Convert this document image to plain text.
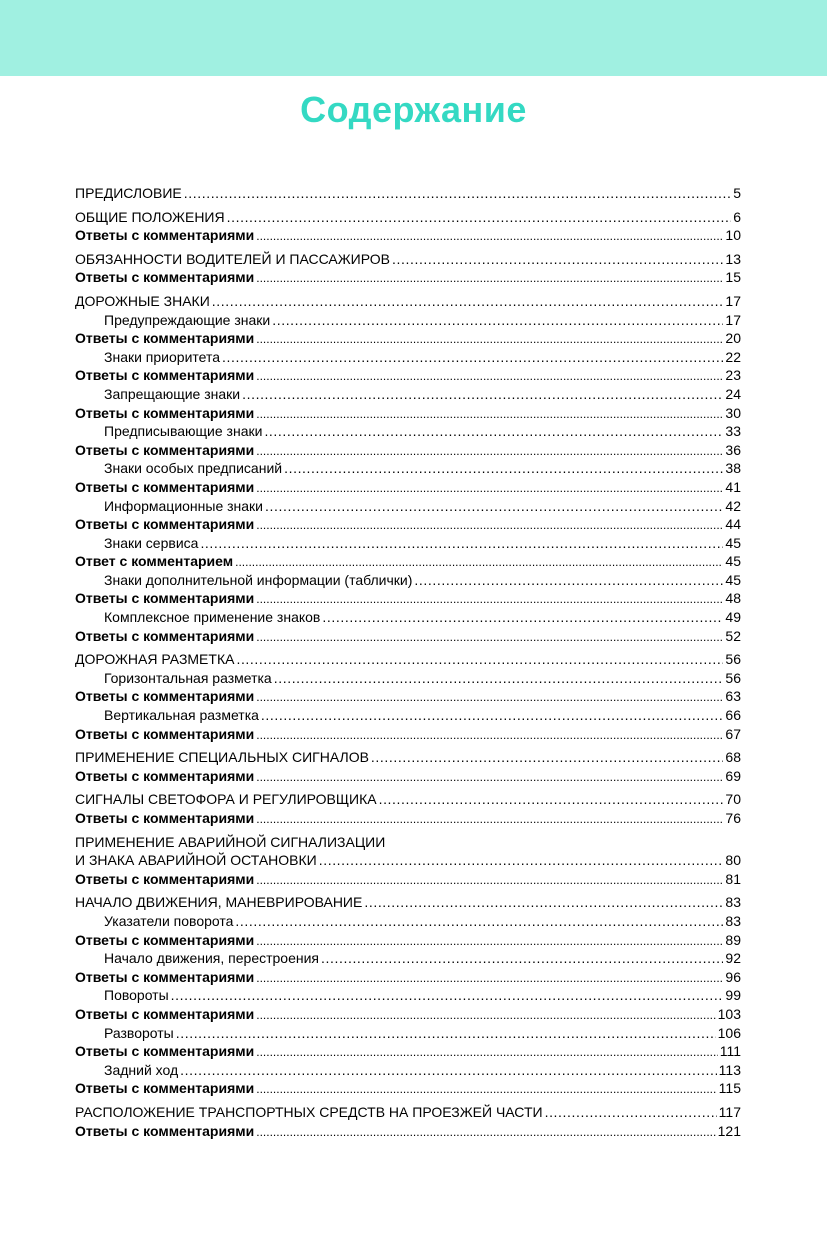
Содержание
ПРЕДИСЛОВИЕ .....	5
ОБЩИЕ ПОЛОЖЕНИЯ .....	6
Ответы с комментариями .....	10
ОБЯЗАННОСТИ ВОДИТЕЛЕЙ И ПАССАЖИРОВ .....	13
Ответы с комментариями .....	15
ДОРОЖНЫЕ ЗНАКИ .....	17
Предупреждающие знаки .....	17
Ответы с комментариями .....	20
Знаки приоритета .....	22
Ответы с комментариями .....	23
Запрещающие знаки .....	24
Ответы с комментариями .....	30
Предписывающие знаки .....	33
Ответы с комментариями .....	36
Знаки особых предписаний .....	38
Ответы с комментариями .....	41
Информационные знаки .....	42
Ответы с комментариями .....	44
Знаки сервиса .....	45
Ответ с комментарием .....	45
Знаки дополнительной информации (таблички) .....	45
Ответы с комментариями .....	48
Комплексное применение знаков .....	49
Ответы с комментариями .....	52
ДОРОЖНАЯ РАЗМЕТКА .....	56
Горизонтальная разметка .....	56
Ответы с комментариями .....	63
Вертикальная разметка .....	66
Ответы с комментариями .....	67
ПРИМЕНЕНИЕ СПЕЦИАЛЬНЫХ СИГНАЛОВ .....	68
Ответы с комментариями .....	69
СИГНАЛЫ СВЕТОФОРА И РЕГУЛИРОВЩИКА .....	70
Ответы с комментариями .....	76
ПРИМЕНЕНИЕ АВАРИЙНОЙ СИГНАЛИЗАЦИИ
И ЗНАКА АВАРИЙНОЙ ОСТАНОВКИ .....	80
Ответы с комментариями .....	81
НАЧАЛО ДВИЖЕНИЯ, МАНЕВРИРОВАНИЕ .....	83
Указатели поворота .....	83
Ответы с комментариями .....	89
Начало движения, перестроения .....	92
Ответы с комментариями .....	96
Повороты .....	99
Ответы с комментариями .....	103
Развороты .....	106
Ответы с комментариями .....	111
Задний ход .....	113
Ответы с комментариями .....	115
РАСПОЛОЖЕНИЕ ТРАНСПОРТНЫХ СРЕДСТВ НА ПРОЕЗЖЕЙ ЧАСТИ .....	117
Ответы с комментариями .....	121
